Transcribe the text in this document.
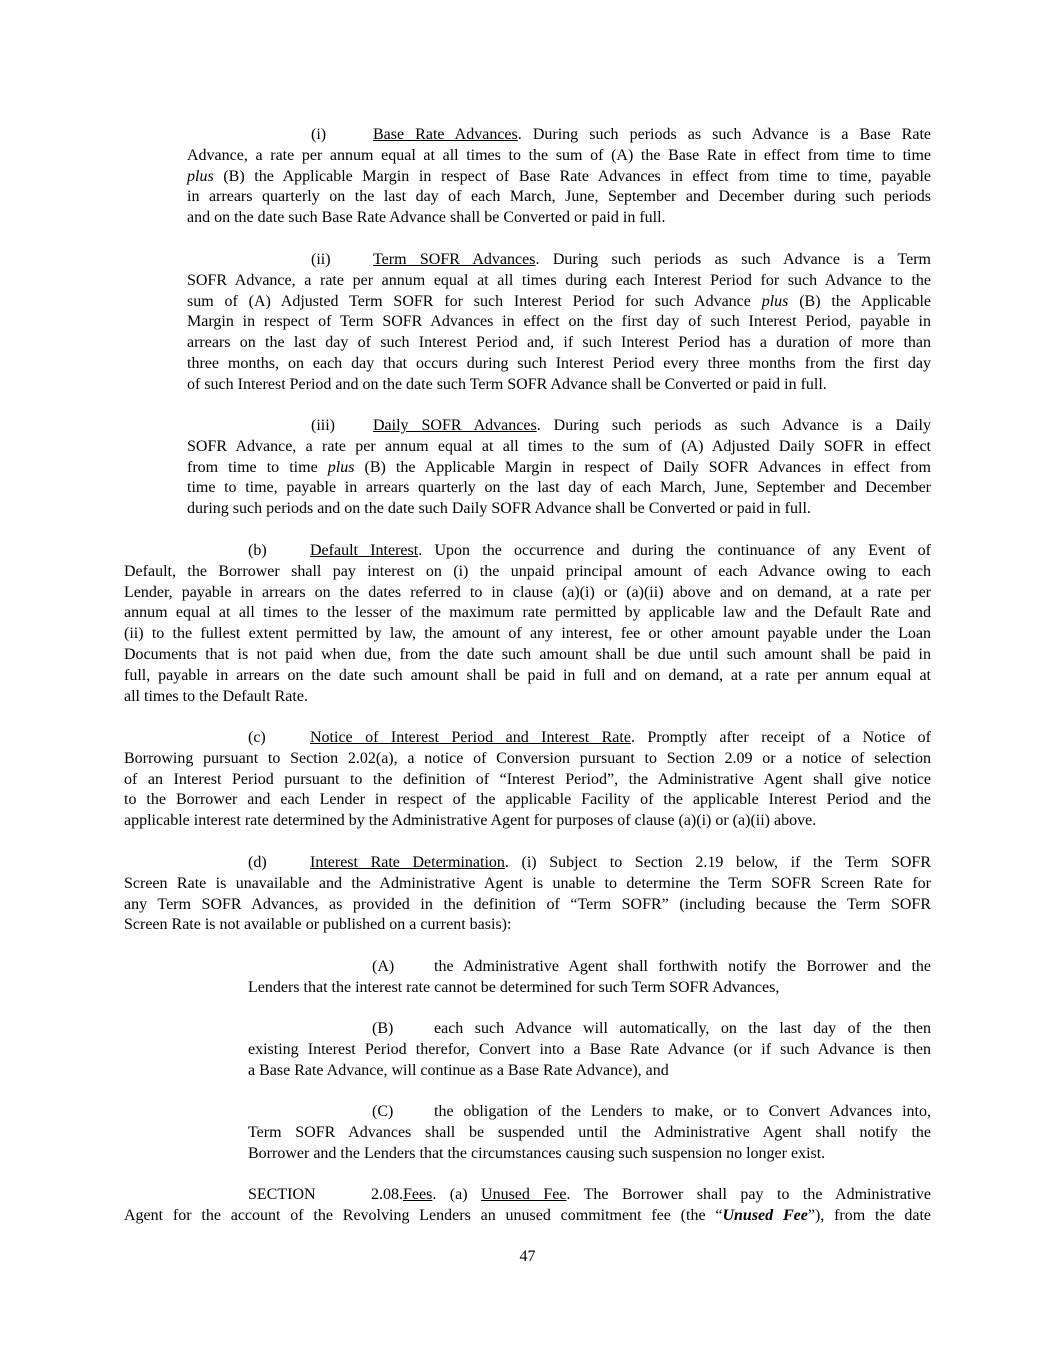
(i)	Base Rate Advances. During such periods as such Advance is a Base Rate
Advance, a rate per annum equal at all times to the sum of (A) the Base Rate in effect from time to time
plus (B) the Applicable Margin in respect of Base Rate Advances in effect from time to time, payable
in arrears quarterly on the last day of each March, June, September and December during such periods
and on the date such Base Rate Advance shall be Converted or paid in full.
(ii)	Term SOFR Advances. During such periods as such Advance is a Term
SOFR Advance, a rate per annum equal at all times during each Interest Period for such Advance to the
sum of (A) Adjusted Term SOFR for such Interest Period for such Advance plus (B) the Applicable
Margin in respect of Term SOFR Advances in effect on the first day of such Interest Period, payable in
arrears on the last day of such Interest Period and, if such Interest Period has a duration of more than
three months, on each day that occurs during such Interest Period every three months from the first day
of such Interest Period and on the date such Term SOFR Advance shall be Converted or paid in full.
(iii) Daily SOFR Advances. During such periods as such Advance is a Daily
SOFR Advance, a rate per annum equal at all times to the sum of (A) Adjusted Daily SOFR in effect
from time to time plus (B) the Applicable Margin in respect of Daily SOFR Advances in effect from
time to time, payable in arrears quarterly on the last day of each March, June, September and December
during such periods and on the date such Daily SOFR Advance shall be Converted or paid in full.
(b)	Default Interest. Upon the occurrence and during the continuance of any Event of
Default, the Borrower shall pay interest on (i) the unpaid principal amount of each Advance owing to each
Lender, payable in arrears on the dates referred to in clause (a)(i) or (a)(ii) above and on demand, at a rate per
annum equal at all times to the lesser of the maximum rate permitted by applicable law and the Default Rate and
(ii) to the fullest extent permitted by law, the amount of any interest, fee or other amount payable under the Loan
Documents that is not paid when due, from the date such amount shall be due until such amount shall be paid in
full, payable in arrears on the date such amount shall be paid in full and on demand, at a rate per annum equal at
all times to the Default Rate.
(c)	Notice of Interest Period and Interest Rate. Promptly after receipt of a Notice of
Borrowing pursuant to Section 2.02(a), a notice of Conversion pursuant to Section 2.09 or a notice of selection
of an Interest Period pursuant to the definition of “Interest Period”, the Administrative Agent shall give notice
to the Borrower and each Lender in respect of the applicable Facility of the applicable Interest Period and the
applicable interest rate determined by the Administrative Agent for purposes of clause (a)(i) or (a)(ii) above.
(d)	Interest Rate Determination. (i) Subject to Section 2.19 below, if the Term SOFR
Screen Rate is unavailable and the Administrative Agent is unable to determine the Term SOFR Screen Rate for
any Term SOFR Advances, as provided in the definition of “Term SOFR” (including because the Term SOFR
Screen Rate is not available or published on a current basis):
(A) the Administrative Agent shall forthwith notify the Borrower and the
Lenders that the interest rate cannot be determined for such Term SOFR Advances,
(B)	each such Advance will automatically, on the last day of the then
existing Interest Period therefor, Convert into a Base Rate Advance (or if such Advance is then
a Base Rate Advance, will continue as a Base Rate Advance), and
(C)	the obligation of the Lenders to make, or to Convert Advances into,
Term SOFR Advances shall be suspended until the Administrative Agent shall notify the
Borrower and the Lenders that the circumstances causing such suspension no longer exist.
SECTION 2.08.Fees. (a) Unused Fee. The Borrower shall pay to the Administrative
Agent for the account of the Revolving Lenders an unused commitment fee (the “Unused Fee”), from the date
47
